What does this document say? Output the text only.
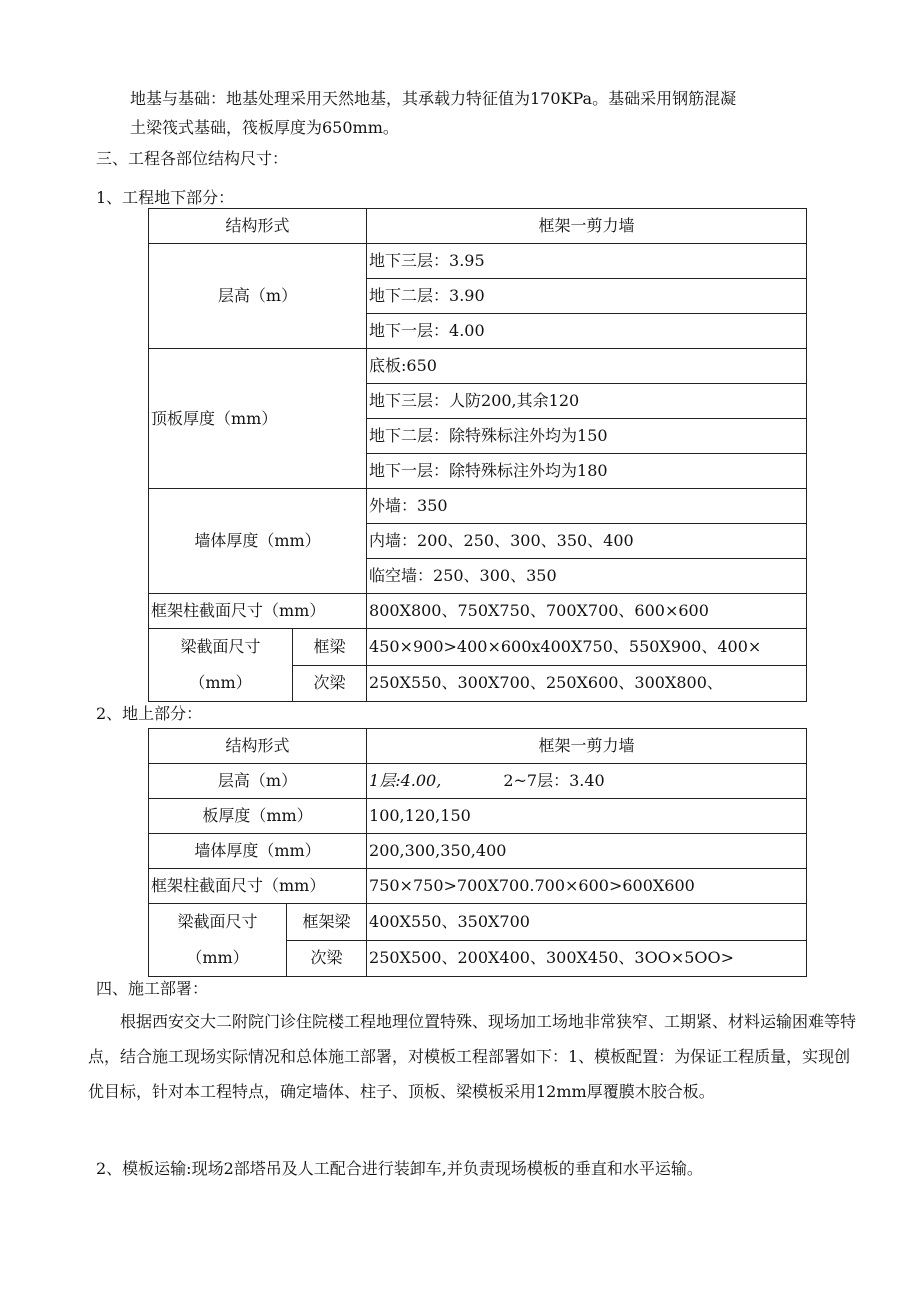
地基与基础：地基处理采用天然地基，其承载力特征值为170KPa。基础采用钢筋混凝
土梁筏式基础，筏板厚度为650mm。
三、工程各部位结构尺寸：
1、工程地下部分：
结构形式		框架一剪力墙
层高（m）		地下三层：3.95
		地下二层：3.90
		地下一层：4.00
顶板厚度（mm）		底板:650
		地下三层：人防200,其余120
		地下二层：除特殊标注外均为150
		地下一层：除特殊标注外均为180
墙体厚度（mm）		外墙：350
		内墙：200、250、300、350、400
		临空墙：250、300、350
框架柱截面尺寸（mm）		800X800、750X750、700X700、600×600

梁截面尺寸
（mm）	框梁	450×900>400×600x400X750、550X900、400×
	次梁	250X550、300X700、250X600、300X800、
2、地上部分：
结构形式		框架一剪力墙
层高（m）		1层:4.00, 2~7层：3.40
板厚度（mm）		100,120,150
墙体厚度（mm）		200,300,350,400
框架柱截面尺寸（mm）		750×750>700X700.700×600>600X600

梁截面尺寸
（mm）	框架梁	400X550、350X700
	次梁	250X500、200X400、300X450、3OO×5OO>
四、施工部署：

根据西安交大二附院门诊住院楼工程地理位置特殊、现场加工场地非常狭窄、工期紧、材料运输困难等特点，结合施工现场实际情况和总体施工部署，对模板工程部署如下：1、模板配置：为保证工程质量，实现创优目标，针对本工程特点，确定墙体、柱子、顶板、梁模板采用12mm厚覆膜木胶合板。

2、模板运输:现场2部塔吊及人工配合进行装卸车,并负责现场模板的垂直和水平运输。
